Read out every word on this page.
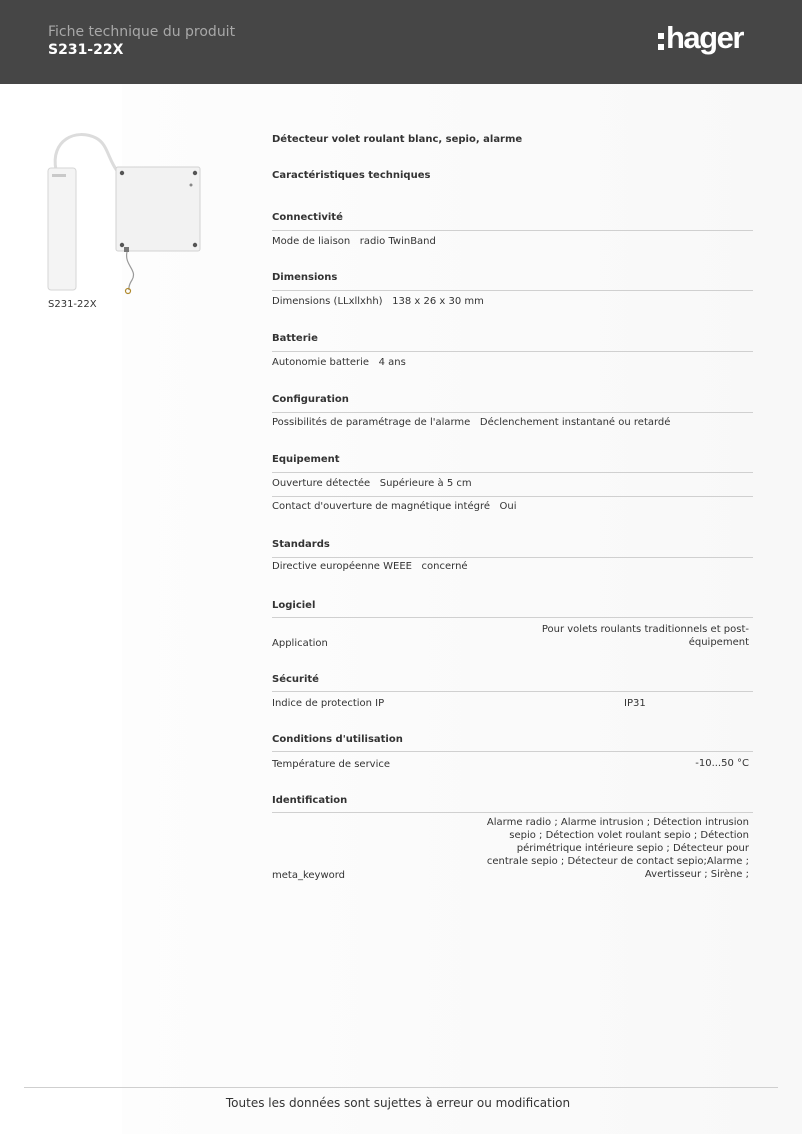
Fiche technique du produit
S231-22X	hager
S231-22X
Détecteur volet roulant blanc, sepio, alarme
Caractéristiques techniques
Connectivité
Mode de liaison radio TwinBand
Dimensions
Dimensions (LLxllxhh) 138 x 26 x 30 mm
Batterie
Autonomie batterie 4 ans
Configuration
Possibilités de paramétrage de l'alarme Déclenchement instantané ou retardé
Equipement
Ouverture détectée Supérieure à 5 cm
Contact d'ouverture de magnétique intégré Oui
Standards
Directive européenne WEEE concerné
Logiciel
Application
Pour volets roulants traditionnels et post-
équipement
Sécurité
Indice de protection IP	IP31
Conditions d'utilisation
Température de service	-10...50 °C
Identification
meta_keyword
Alarme radio ; Alarme intrusion ; Détection intrusion
sepio ; Détection volet roulant sepio ; Détection
périmétrique intérieure sepio ; Détecteur pour
centrale sepio ; Détecteur de contact sepio;Alarme ;
Avertisseur ; Sirène ;
Toutes les données sont sujettes à erreur ou modification
